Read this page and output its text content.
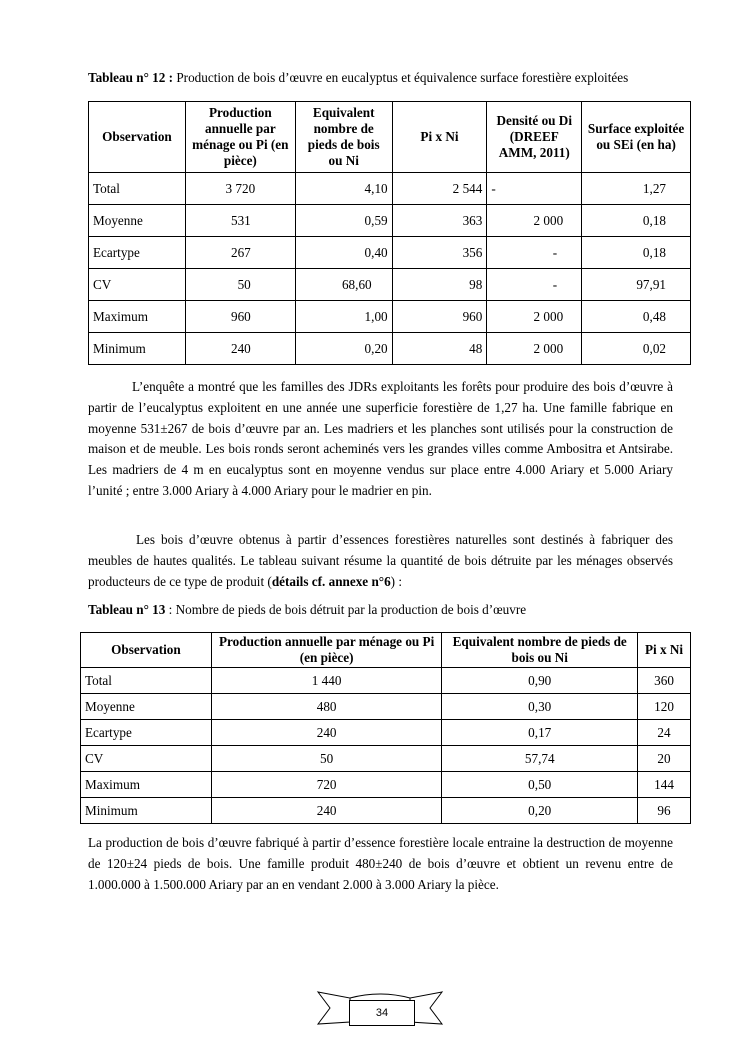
Tableau n° 12 : Production de bois d’œuvre en eucalyptus et équivalence surface forestière exploitées
Observation	Production annuelle par ménage ou Pi (en pièce)	Equivalent nombre de pieds de bois ou Ni	Pi x Ni	Densité ou Di (DREEF AMM, 2011)	Surface exploitée ou SEi (en ha)
Total	3 720	4,10	2 544	-	1,27
Moyenne	531	0,59	363	2 000	0,18
Ecartype	267	0,40	356	-	0,18
CV	50	68,60	98	-	97,91
Maximum	960	1,00	960	2 000	0,48
Minimum	240	0,20	48	2 000	0,02

L’enquête a montré que les familles des JDRs exploitants les forêts pour produire des bois d’œuvre à partir de l’eucalyptus exploitent en une année une superficie forestière de 1,27 ha. Une famille fabrique en moyenne 531±267 de bois d’œuvre par an. Les madriers et les planches sont utilisés pour la construction de maison et de meuble. Les bois ronds seront acheminés vers les grandes villes comme Ambositra et Antsirabe. Les madriers de 4 m en eucalyptus sont en moyenne vendus sur place entre 4.000 Ariary et 5.000 Ariary l’unité ; entre 3.000 Ariary à 4.000 Ariary pour le madrier en pin.

Les bois d’œuvre obtenus à partir d’essences forestières naturelles sont destinés à fabriquer des meubles de hautes qualités. Le tableau suivant résume la quantité de bois détruite par les ménages observés producteurs de ce type de produit (détails cf. annexe n°6) :

Tableau n° 13 : Nombre de pieds de bois détruit par la production de bois d’œuvre
Observation	Production annuelle par ménage ou Pi (en pièce)	Equivalent nombre de pieds de bois ou Ni	Pi x Ni
Total	1 440	0,90	360
Moyenne	480	0,30	120
Ecartype	240	0,17	24
CV	50	57,74	20
Maximum	720	0,50	144
Minimum	240	0,20	96

La production de bois d’œuvre fabriqué à partir d’essence forestière locale entraine la destruction de moyenne de 120±24 pieds de bois. Une famille produit 480±240 de bois d’œuvre et obtient un revenu entre de 1.000.000 à 1.500.000 Ariary par an en vendant 2.000 à 3.000 Ariary la pièce.

34
